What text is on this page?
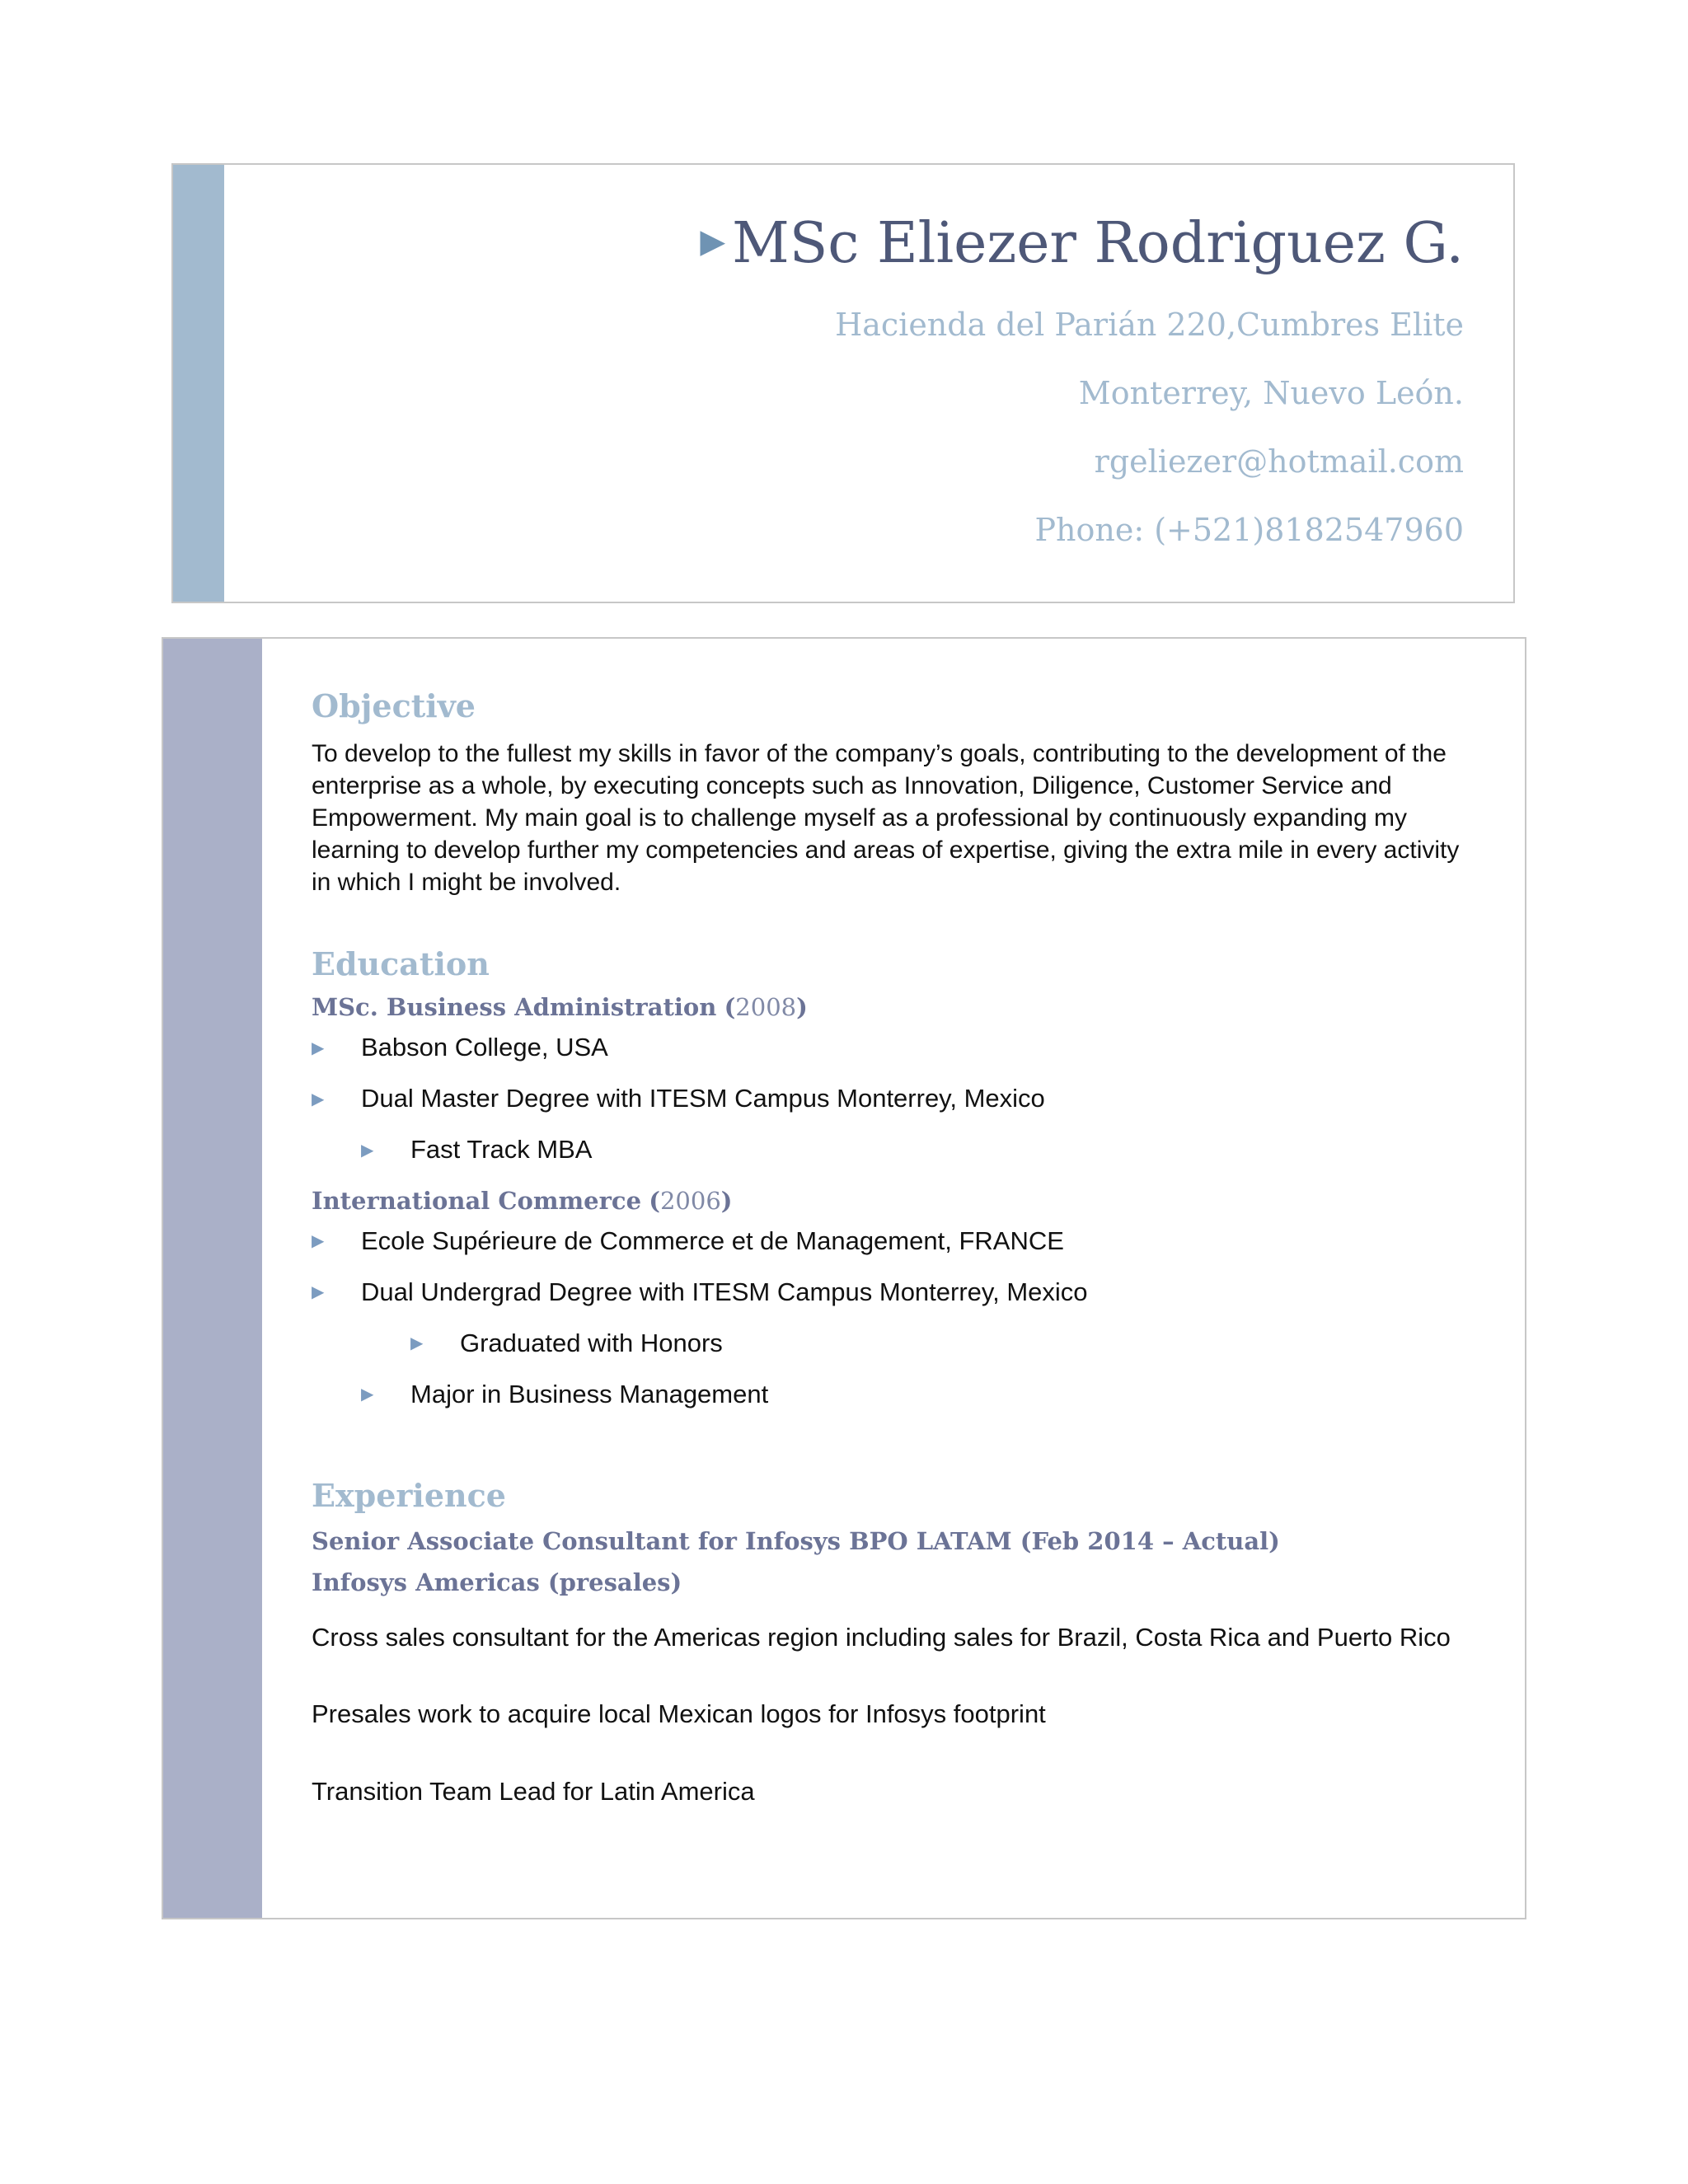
▶ MSc Eliezer Rodriguez G.
Hacienda del Parián 220,Cumbres Elite
Monterrey, Nuevo León.
rgeliezer@hotmail.com
Phone: (+521)8182547960
Objective
To develop to the fullest my skills in favor of the company’s goals, contributing to the development of the enterprise as a whole, by executing concepts such as Innovation, Diligence, Customer Service and Empowerment. My main goal is to challenge myself as a professional by continuously expanding my learning to develop further my competencies and areas of expertise, giving the extra mile in every activity in which I might be involved.
Education
MSc. Business Administration (2008)
▶	Babson College, USA
▶	Dual Master Degree with ITESM Campus Monterrey, Mexico
▶	Fast Track MBA
International Commerce (2006)
▶	Ecole Supérieure de Commerce et de Management, FRANCE
▶	Dual Undergrad Degree with ITESM Campus Monterrey, Mexico
▶	Graduated with Honors
▶	Major in Business Management
Experience
Senior Associate Consultant for Infosys BPO LATAM (Feb 2014 – Actual)
Infosys Americas (presales)
Cross sales consultant for the Americas region including sales for Brazil, Costa Rica and Puerto Rico
Presales work to acquire local Mexican logos for Infosys footprint
Transition Team Lead for Latin America
